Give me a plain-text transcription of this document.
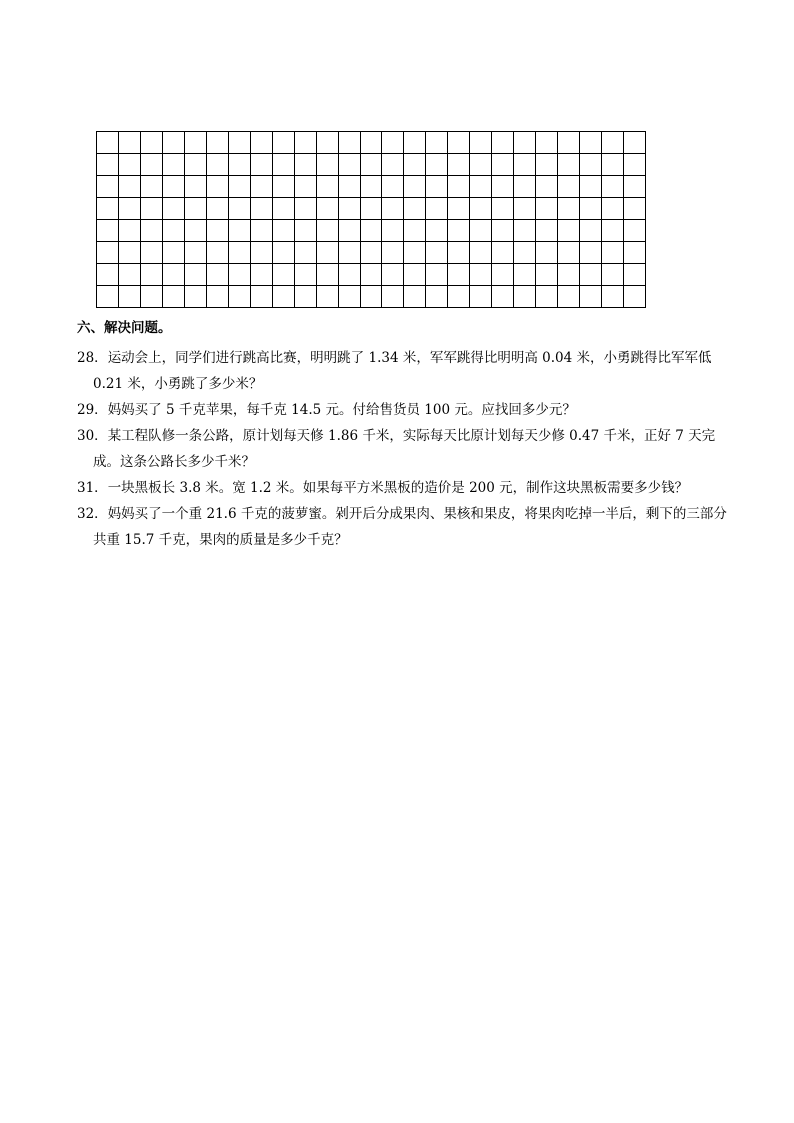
六、解决问题。
28．运动会上，同学们进行跳高比赛，明明跳了 1.34 米，军军跳得比明明高 0.04 米，小勇跳得比军军低 0.21 米，小勇跳了多少米？
29．妈妈买了 5 千克苹果，每千克 14.5 元。付给售货员 100 元。应找回多少元？
30．某工程队修一条公路，原计划每天修 1.86 千米，实际每天比原计划每天少修 0.47 千米，正好 7 天完成。这条公路长多少千米？
31．一块黑板长 3.8 米。宽 1.2 米。如果每平方米黑板的造价是 200 元，制作这块黑板需要多少钱？
32．妈妈买了一个重 21.6 千克的菠萝蜜。剁开后分成果肉、果核和果皮，将果肉吃掉一半后，剩下的三部分共重 15.7 千克，果肉的质量是多少千克？
